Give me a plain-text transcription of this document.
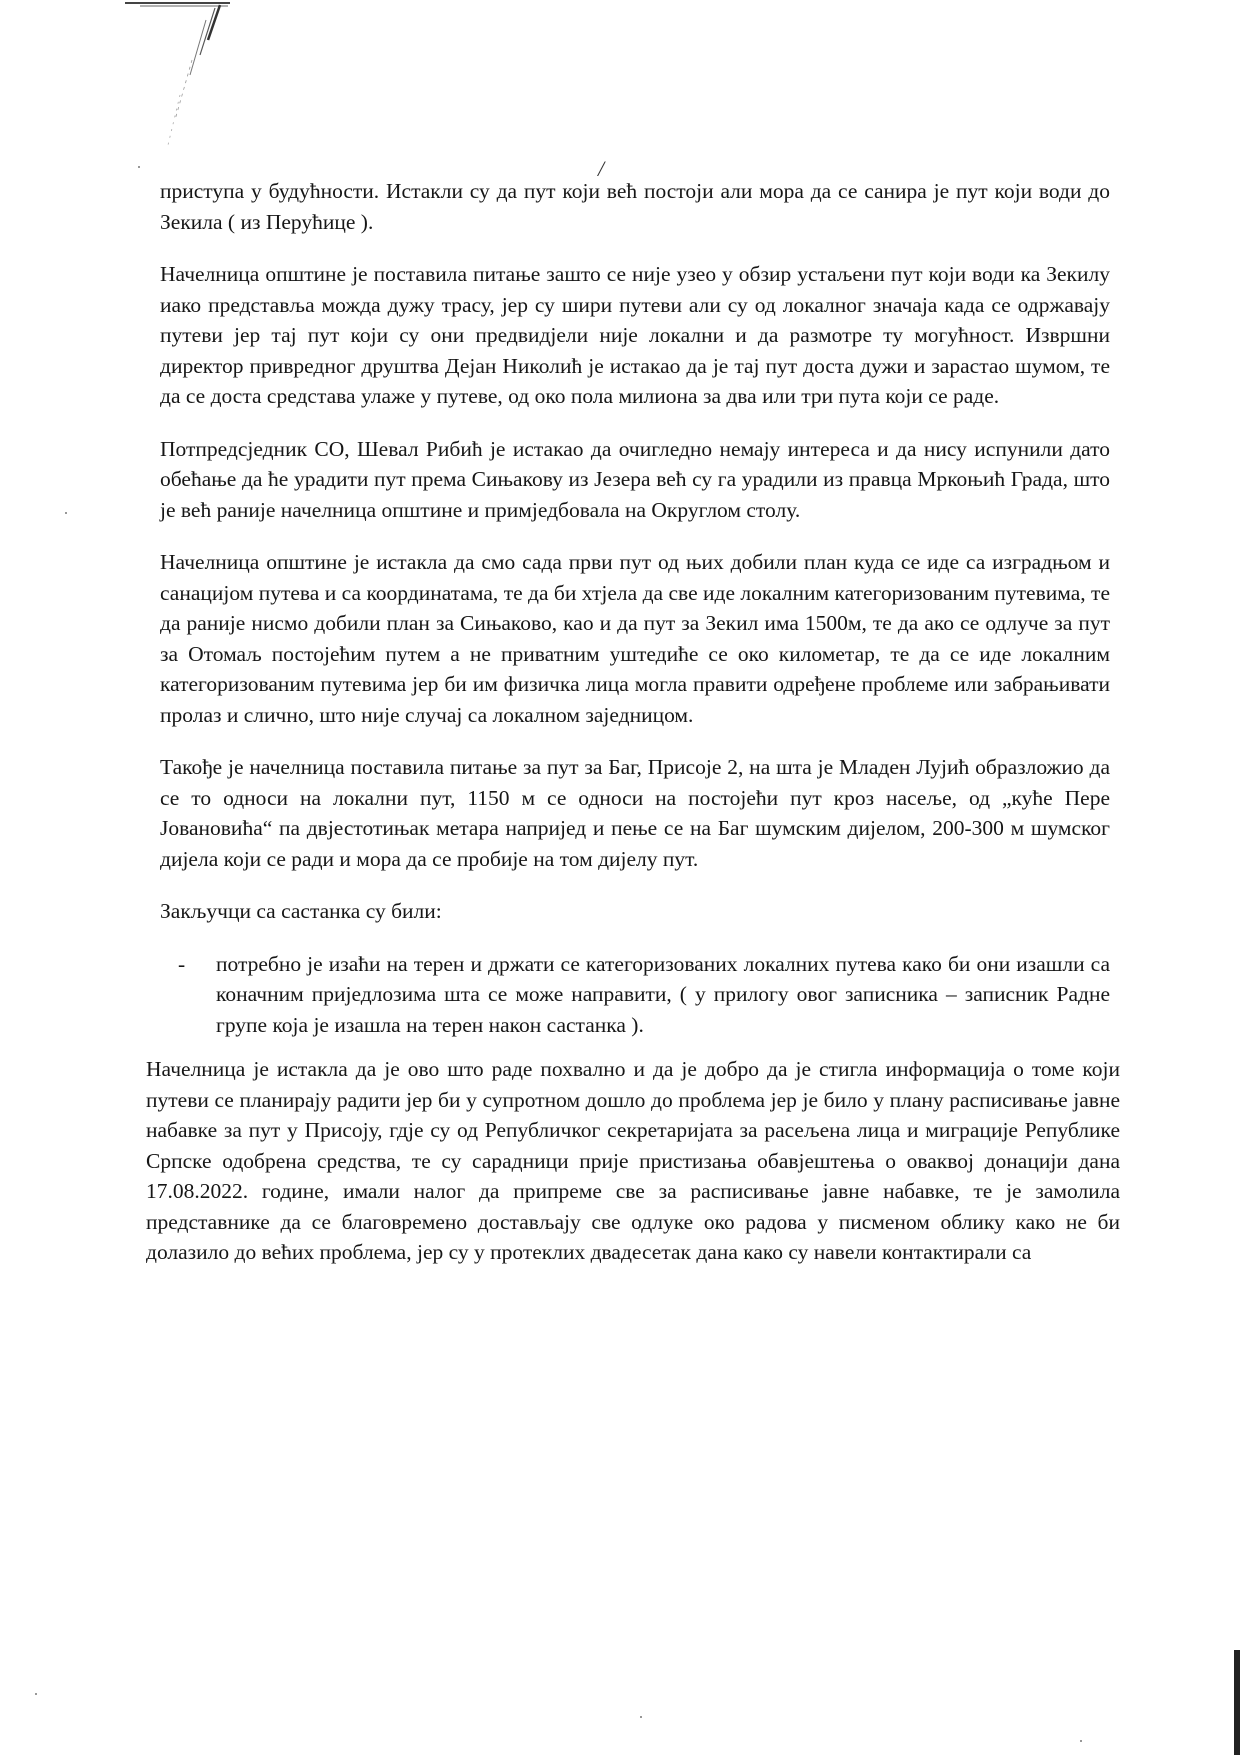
/

приступа у будућности. Истакли су да пут који већ постоји али мора да се санира је пут који води до Зекила ( из Перућице ).

Начелница општине је поставила питање зашто се није узео у обзир устаљени пут који води ка Зекилу иако представља можда дужу трасу, јер су шири путеви али су од локалног значаја када се одржавају путеви јер тај пут који су они предвидјели није локални и да размотре ту могућност. Извршни директор привредног друштва Дејан Николић је истакао да је тај пут доста дужи и зарастао шумом, те да се доста средстава улаже у путеве, од око пола милиона за два или три пута који се раде.

Потпредсједник СО, Шевал Рибић је истакао да очигледно немају интереса и да нису испунили дато обећање да ће урадити пут према Сињакову из Језера већ су га урадили из правца Мркоњић Града, што је већ раније начелница општине и примједбовала на Округлом столу.

Начелница општине је истакла да смо сада први пут од њих добили план куда се иде са изградњом и санацијом путева и са координатама, те да би хтјела да све иде локалним категоризованим путевима, те да раније нисмо добили план за Сињаково, као и да пут за Зекил има 1500м, те да ако се одлуче за пут за Отомаљ постојећим путем а не приватним уштедиће се око километар, те да се иде локалним категоризованим путевима јер би им физичка лица могла правити одређене проблеме или забрањивати пролаз и слично, што није случај са локалном заједницом.

Такође је начелница поставила питање за пут за Баг, Присоје 2, на шта је Младен Лујић образложио да се то односи на локални пут, 1150 м се односи на постојећи пут кроз насеље, од „куће Пере Јовановића“ па двјестотињак метара напријед и пење се на Баг шумским дијелом, 200-300 м шумског дијела који се ради и мора да се пробије на том дијелу пут.

Закључци са састанка су били:

-	потребно је изаћи на терен и држати се категоризованих локалних путева како би они изашли са коначним приједлозима шта се може направити, ( у прилогу овог записника – записник Радне групе која је изашла на терен након састанка ).

Начелница је истакла да је ово што раде похвално и да је добро да је стигла информација о томе који путеви се планирају радити јер би у супротном дошло до проблема јер је било у плану расписивање јавне набавке за пут у Присоју, гдје су од Републичког секретаријата за расељена лица и миграције Републике Српске одобрена средства, те су сарадници прије пристизања обавјештења о оваквој донацији дана 17.08.2022. године, имали налог да припреме све за расписивање јавне набавке, те је замолила представнике да се благовремено достављају све одлуке око радова у писменом облику како не би долазило до већих проблема, јер су у протеклих двадесетак дана како су навели контактирали са
